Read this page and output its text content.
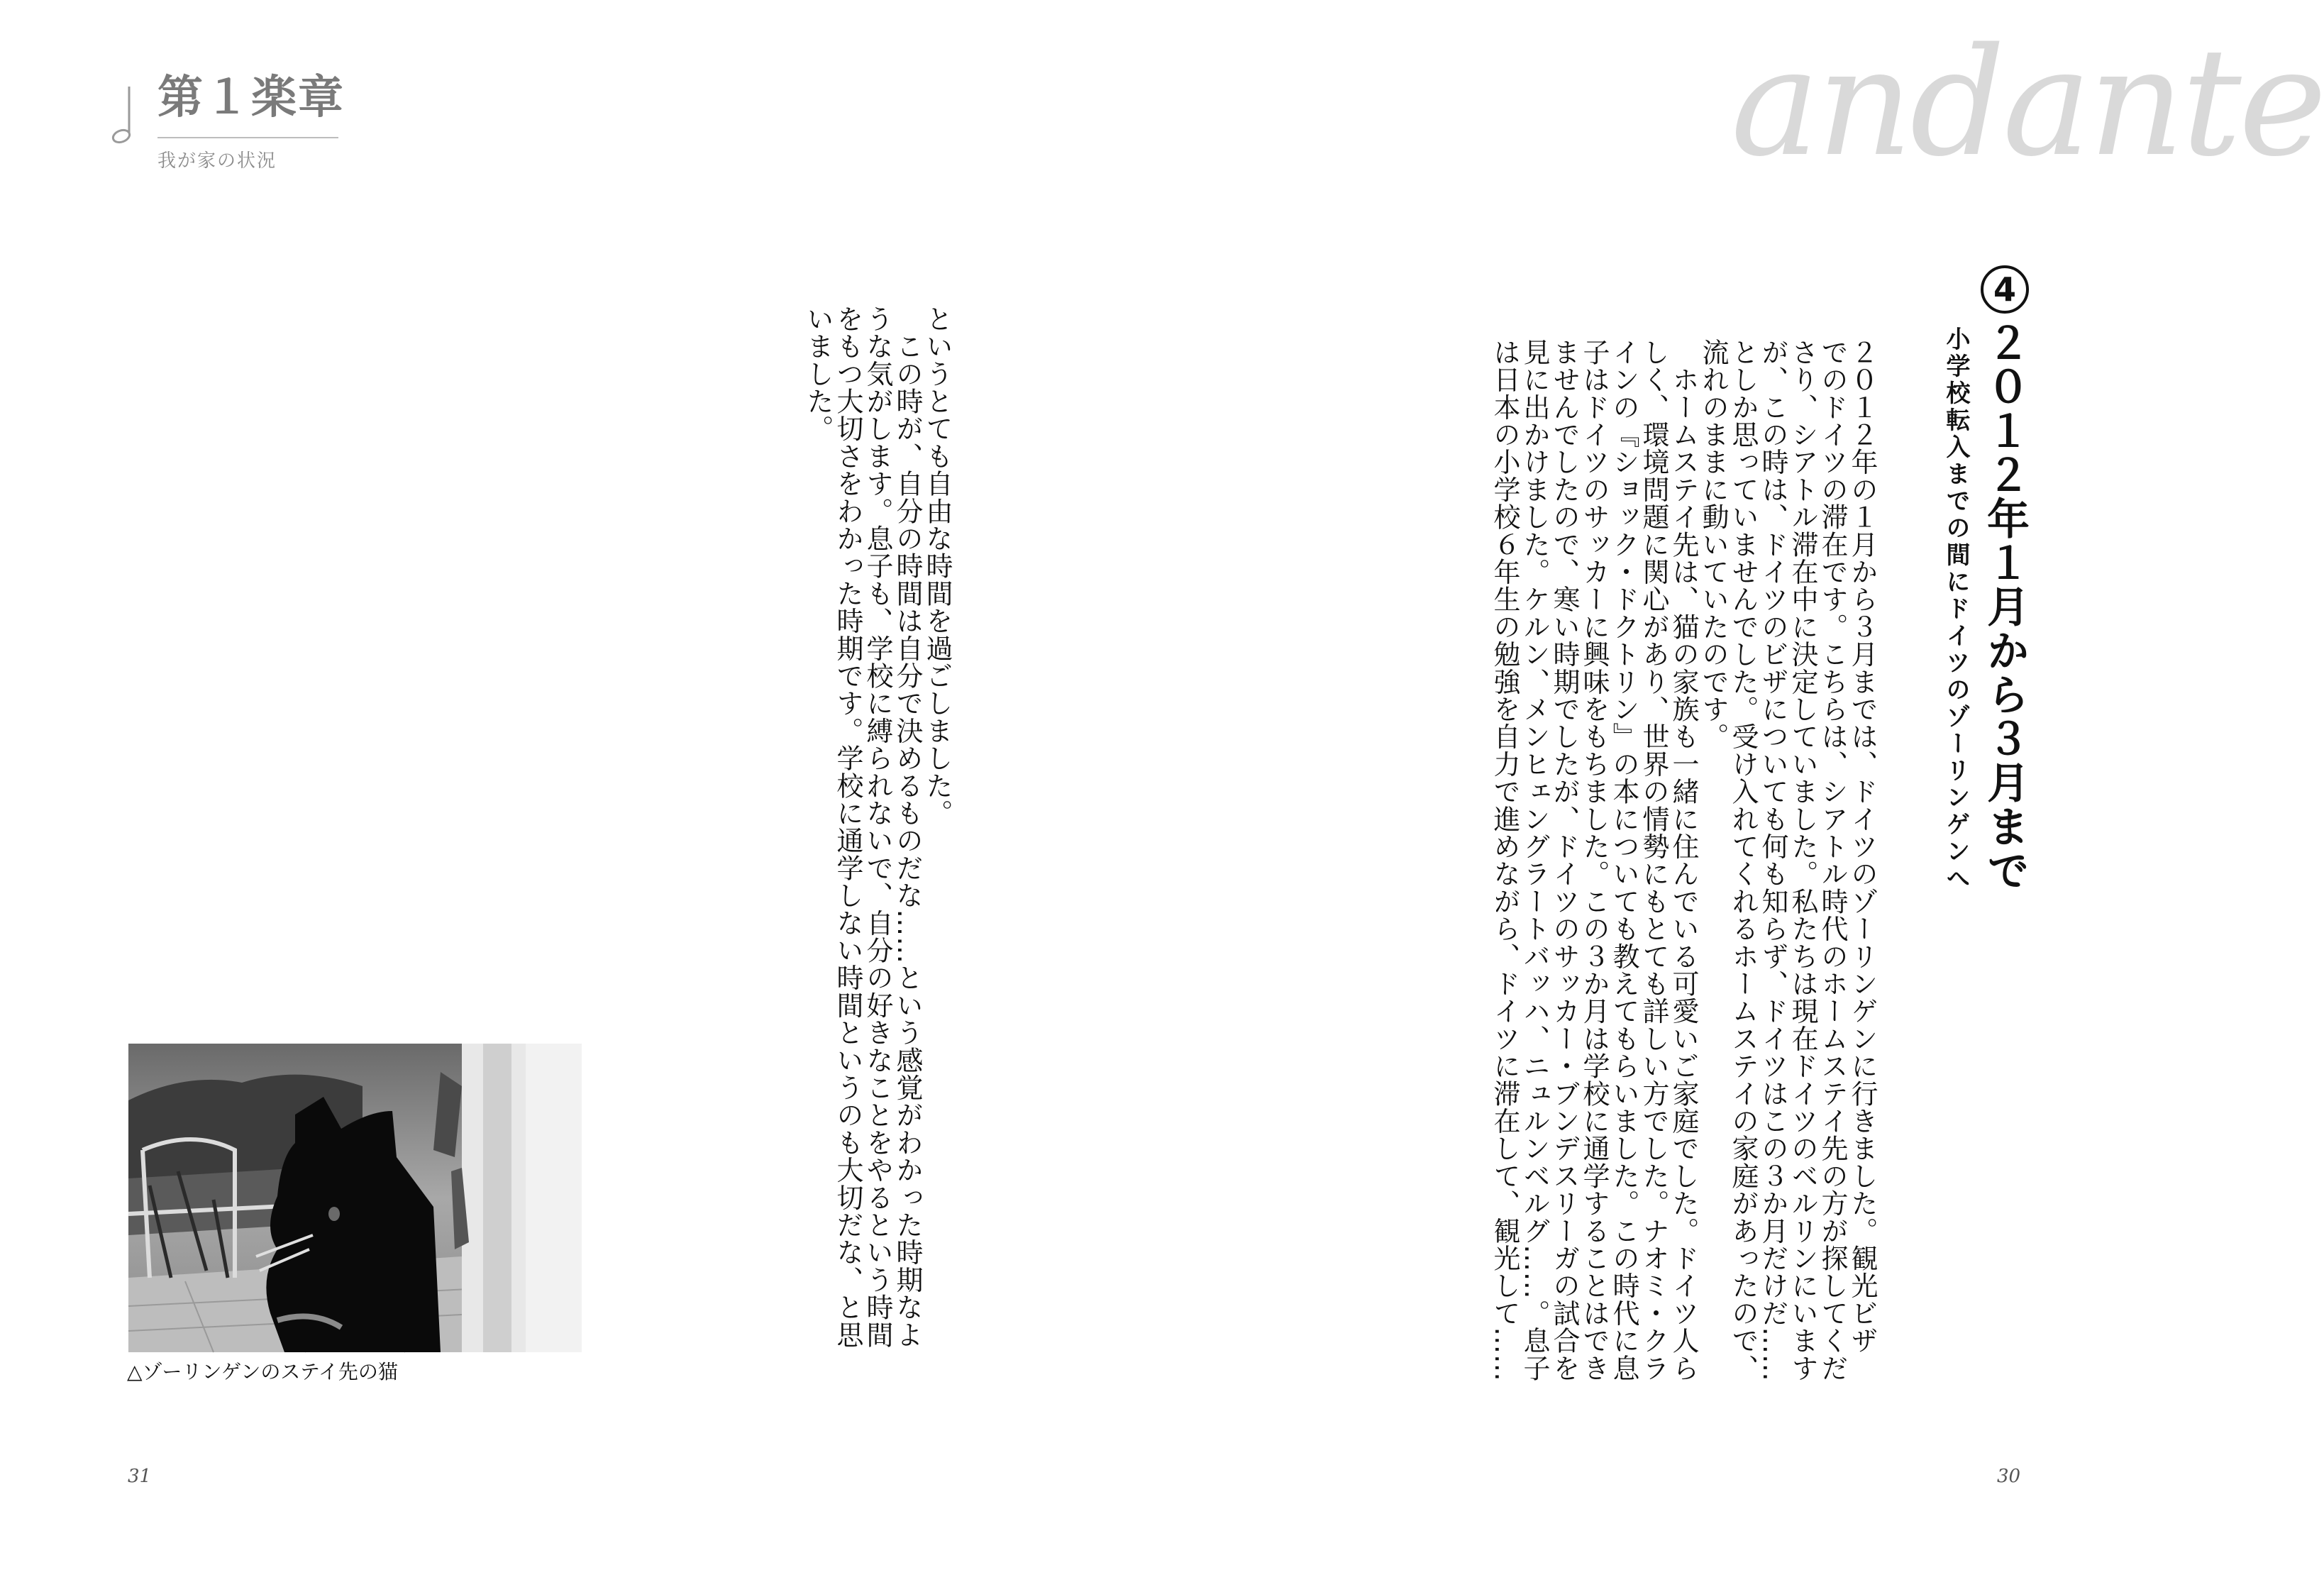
第１楽章
我が家の状況	andante
4
２０１２年１月から３月まで
小学校転入までの間にドイツのゾーリンゲンへ
２０１２年の１月から３月までは、ドイツのゾーリンゲンに行きました。観光ビザ
でのドイツの滞在です。こちらは、シアトル時代のホームステイ先の方が探してくだ
さり、シアトル滞在中に決定していました。私たちは現在ドイツのベルリンにいます
が、この時は、ドイツのビザについても何も知らず、ドイツはこの３か月だけだ……
としか思っていませんでした。受け入れてくれるホームステイの家庭があったので、
流れのままに動いていたのです。
　ホームステイ先は、猫の家族も一緒に住んでいる可愛いご家庭でした。ドイツ人ら
しく、環境問題に関心があり、世界の情勢にもとても詳しい方でした。ナオミ・クラ
インの『ショック・ドクトリン』の本についても教えてもらいました。この時代に息
子はドイツのサッカーに興味をもちました。この３か月は学校に通学することはでき
ませんでしたので、寒い時期でしたが、ドイツのサッカー・ブンデスリーガの試合を
見に出かけました。ケルン、メンヒェングラートバッハ、ニュルンベルグ……。息子
は日本の小学校６年生の勉強を自力で進めながら、ドイツに滞在して、観光して……
というとても自由な時間を過ごしました。
　この時が、自分の時間は自分で決めるものだな……という感覚がわかった時期なよ
うな気がします。息子も、学校に縛られないで、自分の好きなことをやるという時間
をもつ大切さをわかった時期です。学校に通学しない時間というのも大切だな、と思
いました。
△ゾーリンゲンのステイ先の猫
31	30
